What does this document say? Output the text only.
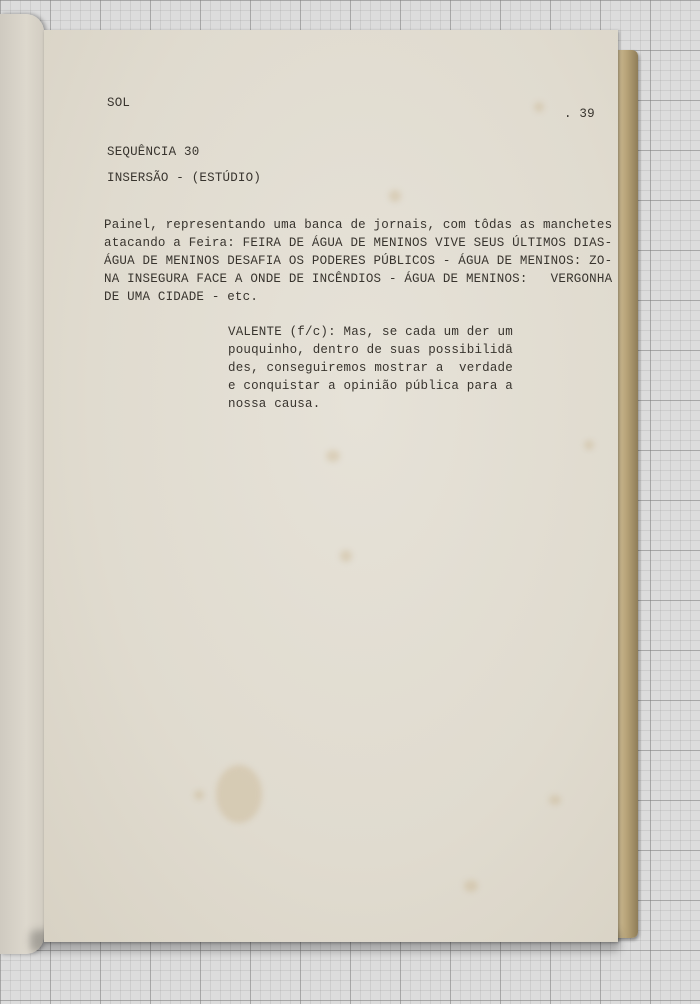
SOL
. 39
SEQUÊNCIA 30
INSERSÃO - (ESTÚDIO)
Painel, representando uma banca de jornais, com tôdas as manchetes
atacando a Feira: FEIRA DE ÁGUA DE MENINOS VIVE SEUS ÚLTIMOS DIAS-
ÁGUA DE MENINOS DESAFIA OS PODERES PÚBLICOS - ÁGUA DE MENINOS: ZO-
NA INSEGURA FACE A ONDE DE INCÊNDIOS - ÁGUA DE MENINOS:   VERGONHA
DE UMA CIDADE - etc.
VALENTE (f/c): Mas, se cada um der um
pouquinho, dentro de suas possibilidā
des, conseguiremos mostrar a  verdade
e conquistar a opinião pública para a
nossa causa.
